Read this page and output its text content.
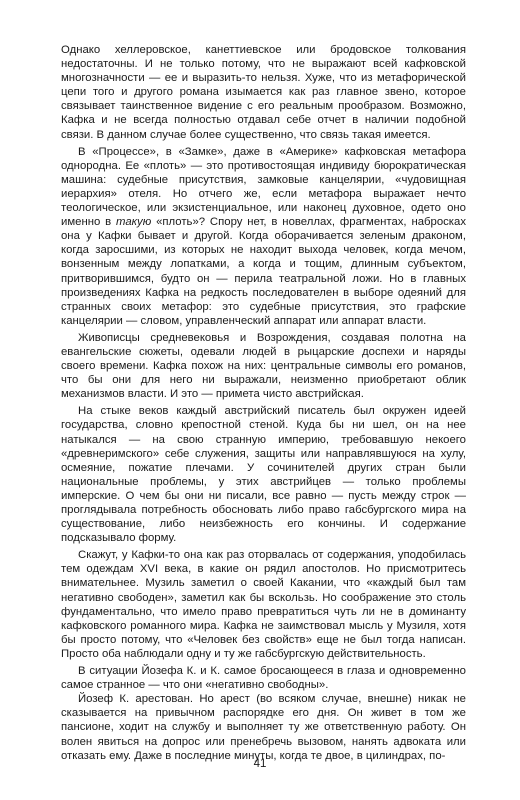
Однако хеллеровское, канеттиевское или бродовское толкования недостаточны. И не только потому, что не выражают всей кафковской многозначности — ее и выразить-то нельзя. Хуже, что из метафорической цепи того и другого романа изымается как раз главное звено, которое связывает таинственное видение с его реальным прообразом. Возможно, Кафка и не всегда полностью отдавал себе отчет в наличии подобной связи. В данном случае более существенно, что связь такая имеется.

В «Процессе», в «Замке», даже в «Америке» кафковская метафора однородна. Ее «плоть» — это противостоящая индивиду бюрократическая машина: судебные присутствия, замковые канцелярии, «чудовищная иерархия» отеля. Но отчего же, если метафора выражает нечто теологическое, или экзистенциальное, или наконец духовное, одето оно именно в такую «плоть»? Спору нет, в новеллах, фрагментах, набросках она у Кафки бывает и другой. Когда оборачивается зеленым драконом, когда заросшими, из которых не находит выхода человек, когда мечом, вонзенным между лопатками, а когда и тощим, длинным субъектом, притворившимся, будто он — перила театральной ложи. Но в главных произведениях Кафка на редкость последователен в выборе одеяний для странных своих метафор: это судебные присутствия, это графские канцелярии — словом, управленческий аппарат или аппарат власти.

Живописцы средневековья и Возрождения, создавая полотна на евангельские сюжеты, одевали людей в рыцарские доспехи и наряды своего времени. Кафка похож на них: центральные символы его романов, что бы они для него ни выражали, неизменно приобретают облик механизмов власти. И это — примета чисто австрийская.

На стыке веков каждый австрийский писатель был окружен идеей государства, словно крепостной стеной. Куда бы ни шел, он на нее натыкался — на свою странную империю, требовавшую некоего «древнеримского» себе служения, защиты или направлявшуюся на хулу, осмеяние, пожатие плечами. У сочинителей других стран были национальные проблемы, у этих австрийцев — только проблемы имперские. О чем бы они ни писали, все равно — пусть между строк — проглядывала потребность обосновать либо право габсбургского мира на существование, либо неизбежность его кончины. И содержание подсказывало форму.

Скажут, у Кафки-то она как раз оторвалась от содержания, уподобилась тем одеждам XVI века, в какие он рядил апостолов. Но присмотритесь внимательнее. Музиль заметил о своей Какании, что «каждый был там негативно свободен», заметил как бы вскользь. Но соображение это столь фундаментально, что имело право превратиться чуть ли не в доминанту кафковского романного мира. Кафка не заимствовал мысль у Музиля, хотя бы просто потому, что «Человек без свойств» еще не был тогда написан. Просто оба наблюдали одну и ту же габсбургскую действительность.

В ситуации Йозефа К. и К. самое бросающееся в глаза и одновременно самое странное — что они «негативно свободны».

Йозеф К. арестован. Но арест (во всяком случае, внешне) никак не сказывается на привычном распорядке его дня. Он живет в том же пансионе, ходит на службу и выполняет ту же ответственную работу. Он волен явиться на допрос или пренебречь вызовом, нанять адвоката или отказать ему. Даже в последние минуты, когда те двое, в цилиндрах, по-

41
